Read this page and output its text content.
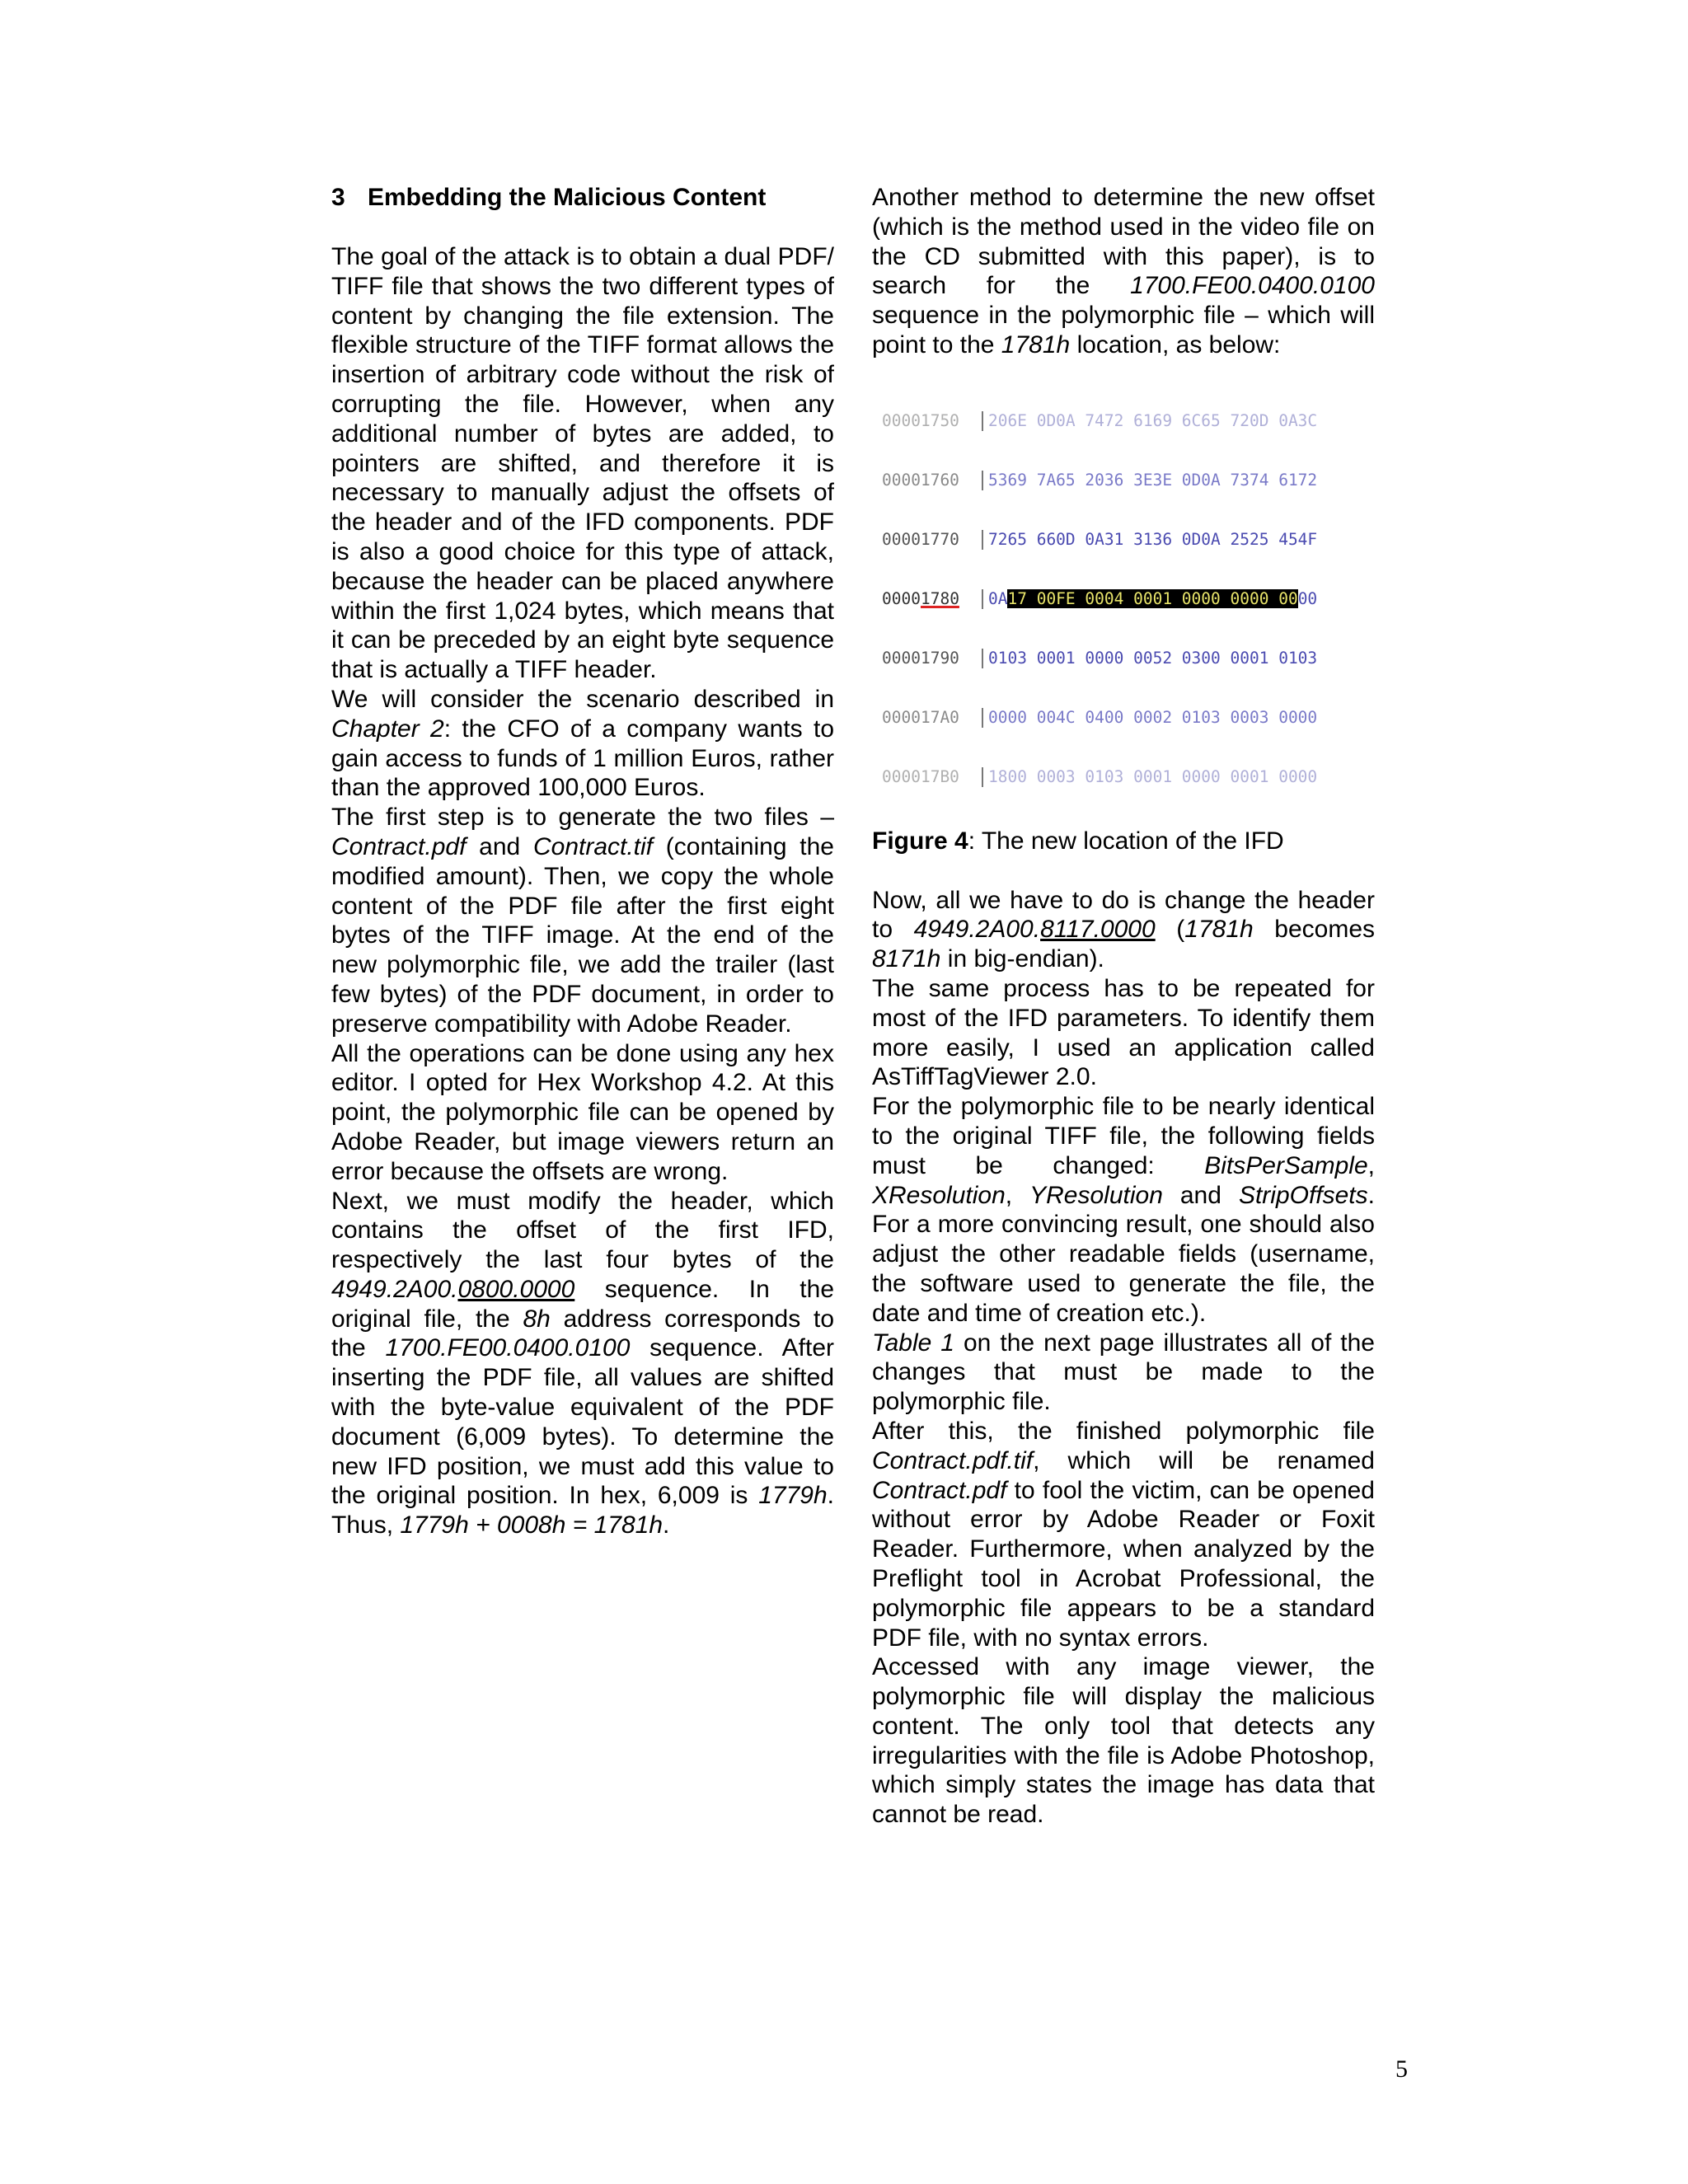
3 Embedding the Malicious Content

The goal of the attack is to obtain a dual PDF/ TIFF file that shows the two different types of content by changing the file extension. The flexible structure of the TIFF format allows the insertion of arbitrary code without the risk of corrupting the file. However, when any additional number of bytes are added, to pointers are shifted, and therefore it is necessary to manually adjust the offsets of the header and of the IFD components. PDF is also a good choice for this type of attack, because the header can be placed anywhere within the first 1,024 bytes, which means that it can be preceded by an eight byte sequence that is actually a TIFF header.

We will consider the scenario described in Chapter 2: the CFO of a company wants to gain access to funds of 1 million Euros, rather than the approved 100,000 Euros.

The first step is to generate the two files – Contract.pdf and Contract.tif (containing the modified amount). Then, we copy the whole content of the PDF file after the first eight bytes of the TIFF image. At the end of the new polymorphic file, we add the trailer (last few bytes) of the PDF document, in order to preserve compatibility with Adobe Reader.

All the operations can be done using any hex editor. I opted for Hex Workshop 4.2. At this point, the polymorphic file can be opened by Adobe Reader, but image viewers return an error because the offsets are wrong.

Next, we must modify the header, which contains the offset of the first IFD, respectively the last four bytes of the 4949.2A00.0800.0000 sequence. In the original file, the 8h address corresponds to the 1700.FE00.0400.0100 sequence. After inserting the PDF file, all values are shifted with the byte-value equivalent of the PDF document (6,009 bytes). To determine the new IFD position, we must add this value to the original position. In hex, 6,009 is 1779h. Thus, 1779h + 0008h = 1781h.

Another method to determine the new offset (which is the method used in the video file on the CD submitted with this paper), is to search for the 1700.FE00.0400.0100 sequence in the polymorphic file – which will point to the 1781h location, as below:

00001750	206E 0D0A 7472 6169 6C65 720D 0A3C

00001760	5369 7A65 2036 3E3E 0D0A 7374 6172

00001770	7265 660D 0A31 3136 0D0A 2525 454F

00001780	0A17 00FE 0004 0001 0000 0000 0000

00001790	0103 0001 0000 0052 0300 0001 0103

000017A0	0000 004C 0400 0002 0103 0003 0000

000017B0	1800 0003 0103 0001 0000 0001 0000

Figure 4: The new location of the IFD

Now, all we have to do is change the header to 4949.2A00.8117.0000 (1781h becomes 8171h in big-endian).

The same process has to be repeated for most of the IFD parameters. To identify them more easily, I used an application called AsTiffTagViewer 2.0.

For the polymorphic file to be nearly identical to the original TIFF file, the following fields must be changed: BitsPerSample, XResolution, YResolution and StripOffsets. For a more convincing result, one should also adjust the other readable fields (username, the software used to generate the file, the date and time of creation etc.).

Table 1 on the next page illustrates all of the changes that must be made to the polymorphic file.

After this, the finished polymorphic file Contract.pdf.tif, which will be renamed Contract.pdf to fool the victim, can be opened without error by Adobe Reader or Foxit Reader. Furthermore, when analyzed by the Preflight tool in Acrobat Professional, the polymorphic file appears to be a standard PDF file, with no syntax errors.

Accessed with any image viewer, the polymorphic file will display the malicious content. The only tool that detects any irregularities with the file is Adobe Photoshop, which simply states the image has data that cannot be read.

5
